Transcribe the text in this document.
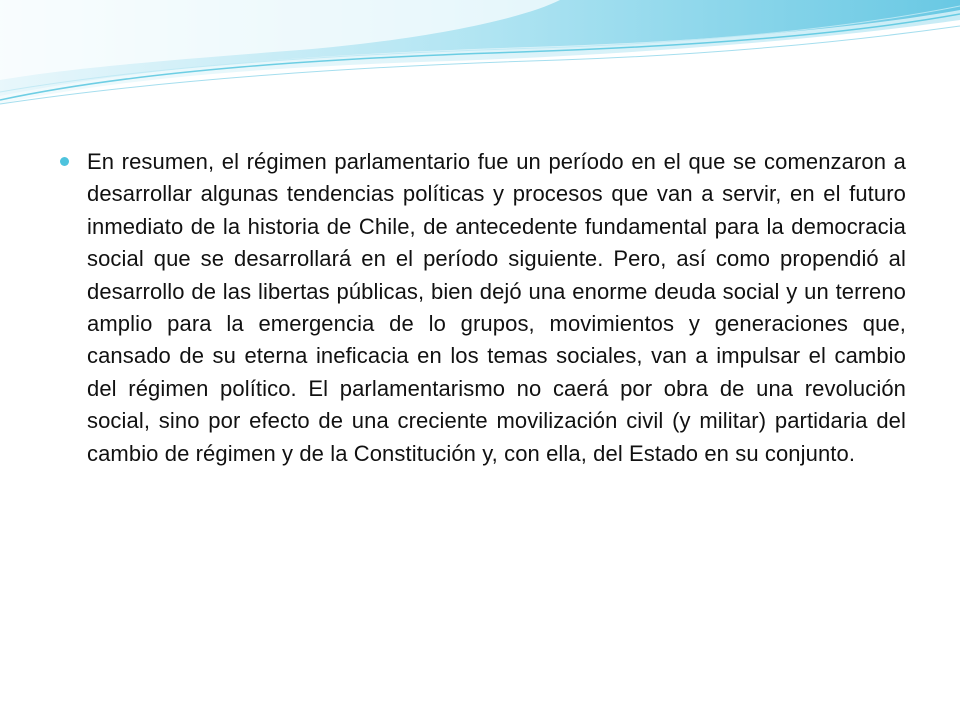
En resumen, el régimen parlamentario fue un período en el que se comenzaron a desarrollar algunas tendencias políticas y procesos que van a servir, en el futuro inmediato de la historia de Chile, de antecedente fundamental para la democracia social que se desarrollará en el período siguiente. Pero, así como propendió al desarrollo de las libertas públicas, bien dejó una enorme deuda social y un terreno amplio para la emergencia de lo grupos, movimientos y generaciones que, cansado de su eterna ineficacia en los temas sociales, van a impulsar el cambio del régimen político. El parlamentarismo no caerá por obra de una revolución social, sino por efecto de una creciente movilización civil (y militar) partidaria del cambio de régimen y de la Constitución y, con ella, del Estado en su conjunto.
